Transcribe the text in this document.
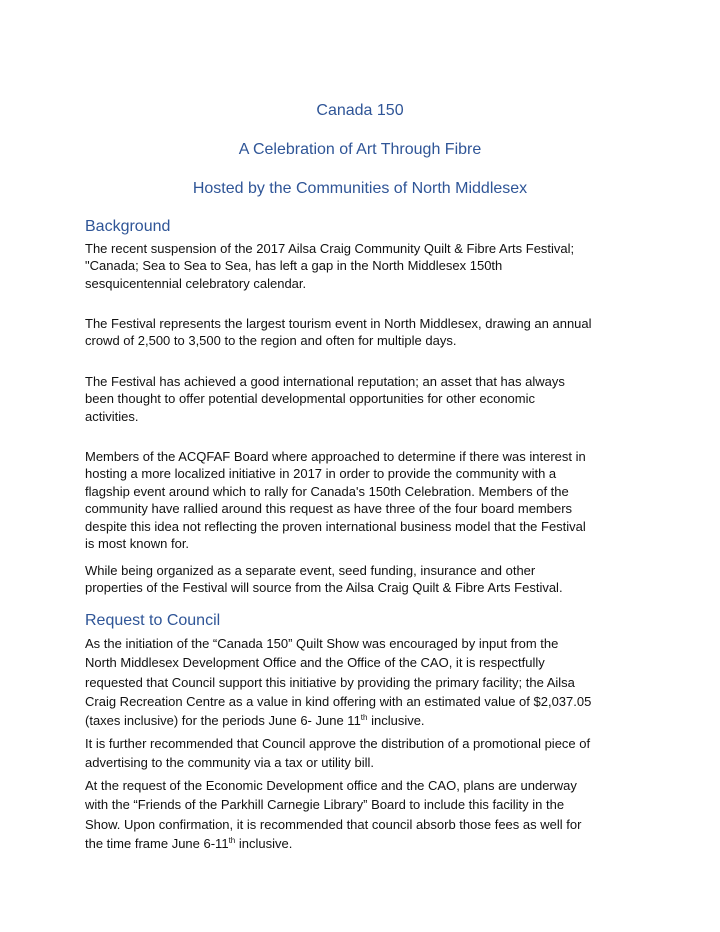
Canada 150
A Celebration of Art Through Fibre
Hosted by the Communities of North Middlesex
Background
The recent suspension of the 2017 Ailsa Craig Community Quilt & Fibre Arts Festival;
"Canada; Sea to Sea to Sea, has left a gap in the North Middlesex 150th
sesquicentennial celebratory calendar.
The Festival represents the largest tourism event in North Middlesex, drawing an annual
crowd of 2,500 to 3,500 to the region and often for multiple days.
The Festival has achieved a good international reputation; an asset that has always
been thought to offer potential developmental opportunities for other economic
activities.
Members of the ACQFAF Board where approached to determine if there was interest in
hosting a more localized initiative in 2017 in order to provide the community with a
flagship event around which to rally for Canada's 150th Celebration. Members of the
community have rallied around this request as have three of the four board members
despite this idea not reflecting the proven international business model that the Festival
is most known for.
While being organized as a separate event, seed funding, insurance and other
properties of the Festival will source from the Ailsa Craig Quilt & Fibre Arts Festival.
Request to Council
As the initiation of the “Canada 150” Quilt Show was encouraged by input from the
North Middlesex Development Office and the Office of the CAO, it is respectfully
requested that Council support this initiative by providing the primary facility; the Ailsa
Craig Recreation Centre as a value in kind offering with an estimated value of $2,037.05
(taxes inclusive) for the periods June 6- June 11th inclusive.
It is further recommended that Council approve the distribution of a promotional piece of
advertising to the community via a tax or utility bill.
At the request of the Economic Development office and the CAO, plans are underway
with the “Friends of the Parkhill Carnegie Library” Board to include this facility in the
Show. Upon confirmation, it is recommended that council absorb those fees as well for
the time frame June 6-11th inclusive.
